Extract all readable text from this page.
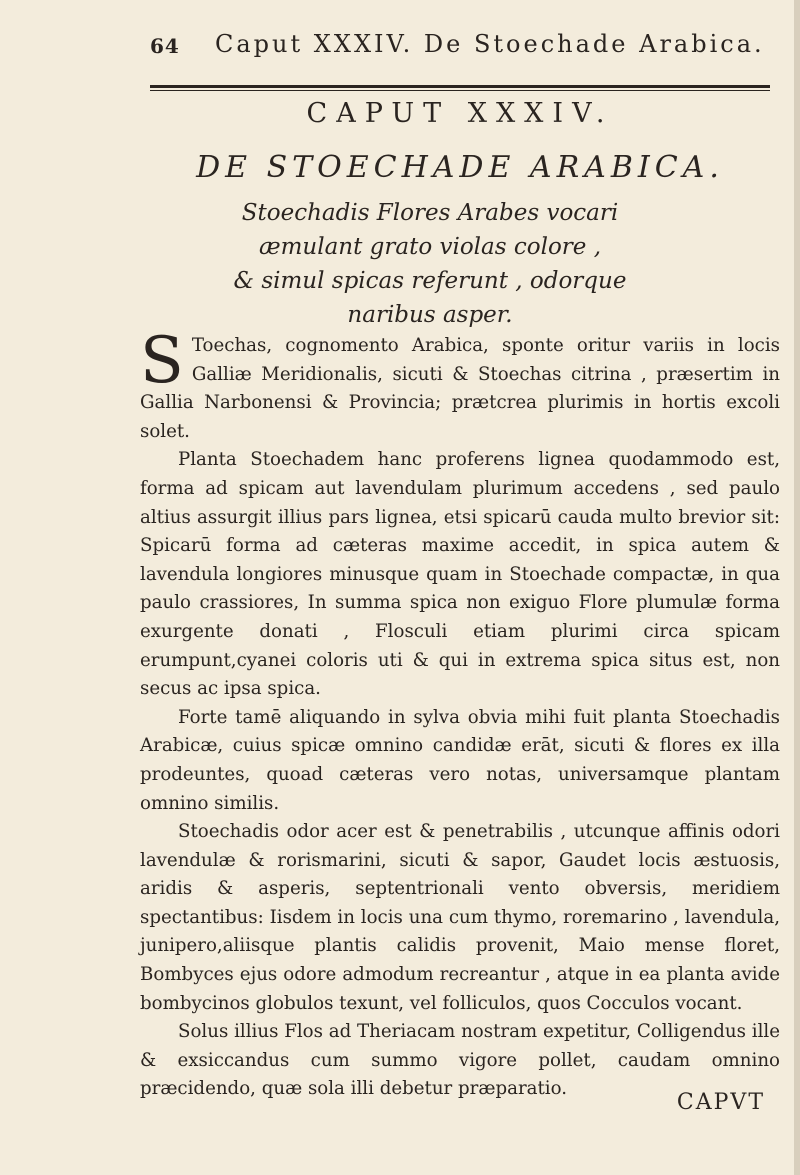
64 Caput XXXIV. De Stoechade Arabica.
CAPUT XXXIV.
DE STOECHADE ARABICA.

Stoechadis Flores Arabes vocari

æmulant grato violas colore ,

& simul spicas referunt , odorque

naribus asper.

S Toechas, cognomento Arabica, sponte oritur variis in locis Galliæ Meridionalis, sicuti & Stoechas citrina , præsertim in Gallia Narbonensi & Provincia; prætcrea plurimis in hortis excoli solet.

Planta Stoechadem hanc proferens lignea quodammodo est, forma ad spicam aut lavendulam plurimum accedens , sed paulo altius assurgit illius pars lignea, etsi spicarū cauda multo brevior sit: Spicarū forma ad cæteras maxime accedit, in spica autem & lavendula longiores minusque quam in Stoechade compactæ, in qua paulo crassiores, In summa spica non exiguo Flore plumulæ forma exurgente donati , Flosculi etiam plurimi circa spicam erumpunt,cyanei coloris uti & qui in extrema spica situs est, non secus ac ipsa spica.

Forte tamē aliquando in sylva obvia mihi fuit planta Stoechadis Arabicæ, cuius spicæ omnino candidæ erāt, sicuti & flores ex illa prodeuntes, quoad cæteras vero notas, universamque plantam omnino similis.

Stoechadis odor acer est & penetrabilis , utcunque affinis odori lavendulæ & rorismarini, sicuti & sapor, Gaudet locis æstuosis, aridis & asperis, septentrionali vento obversis, meridiem spectantibus: Iisdem in locis una cum thymo, roremarino , lavendula, junipero,aliisque plantis calidis provenit, Maio mense floret, Bombyces ejus odore admodum recreantur , atque in ea planta avide bombycinos globulos texunt, vel folliculos, quos Cocculos vocant.

Solus illius Flos ad Theriacam nostram expetitur, Colligendus ille & exsiccandus cum summo vigore pollet, caudam omnino præcidendo, quæ sola illi debetur præparatio.

CAPVT
